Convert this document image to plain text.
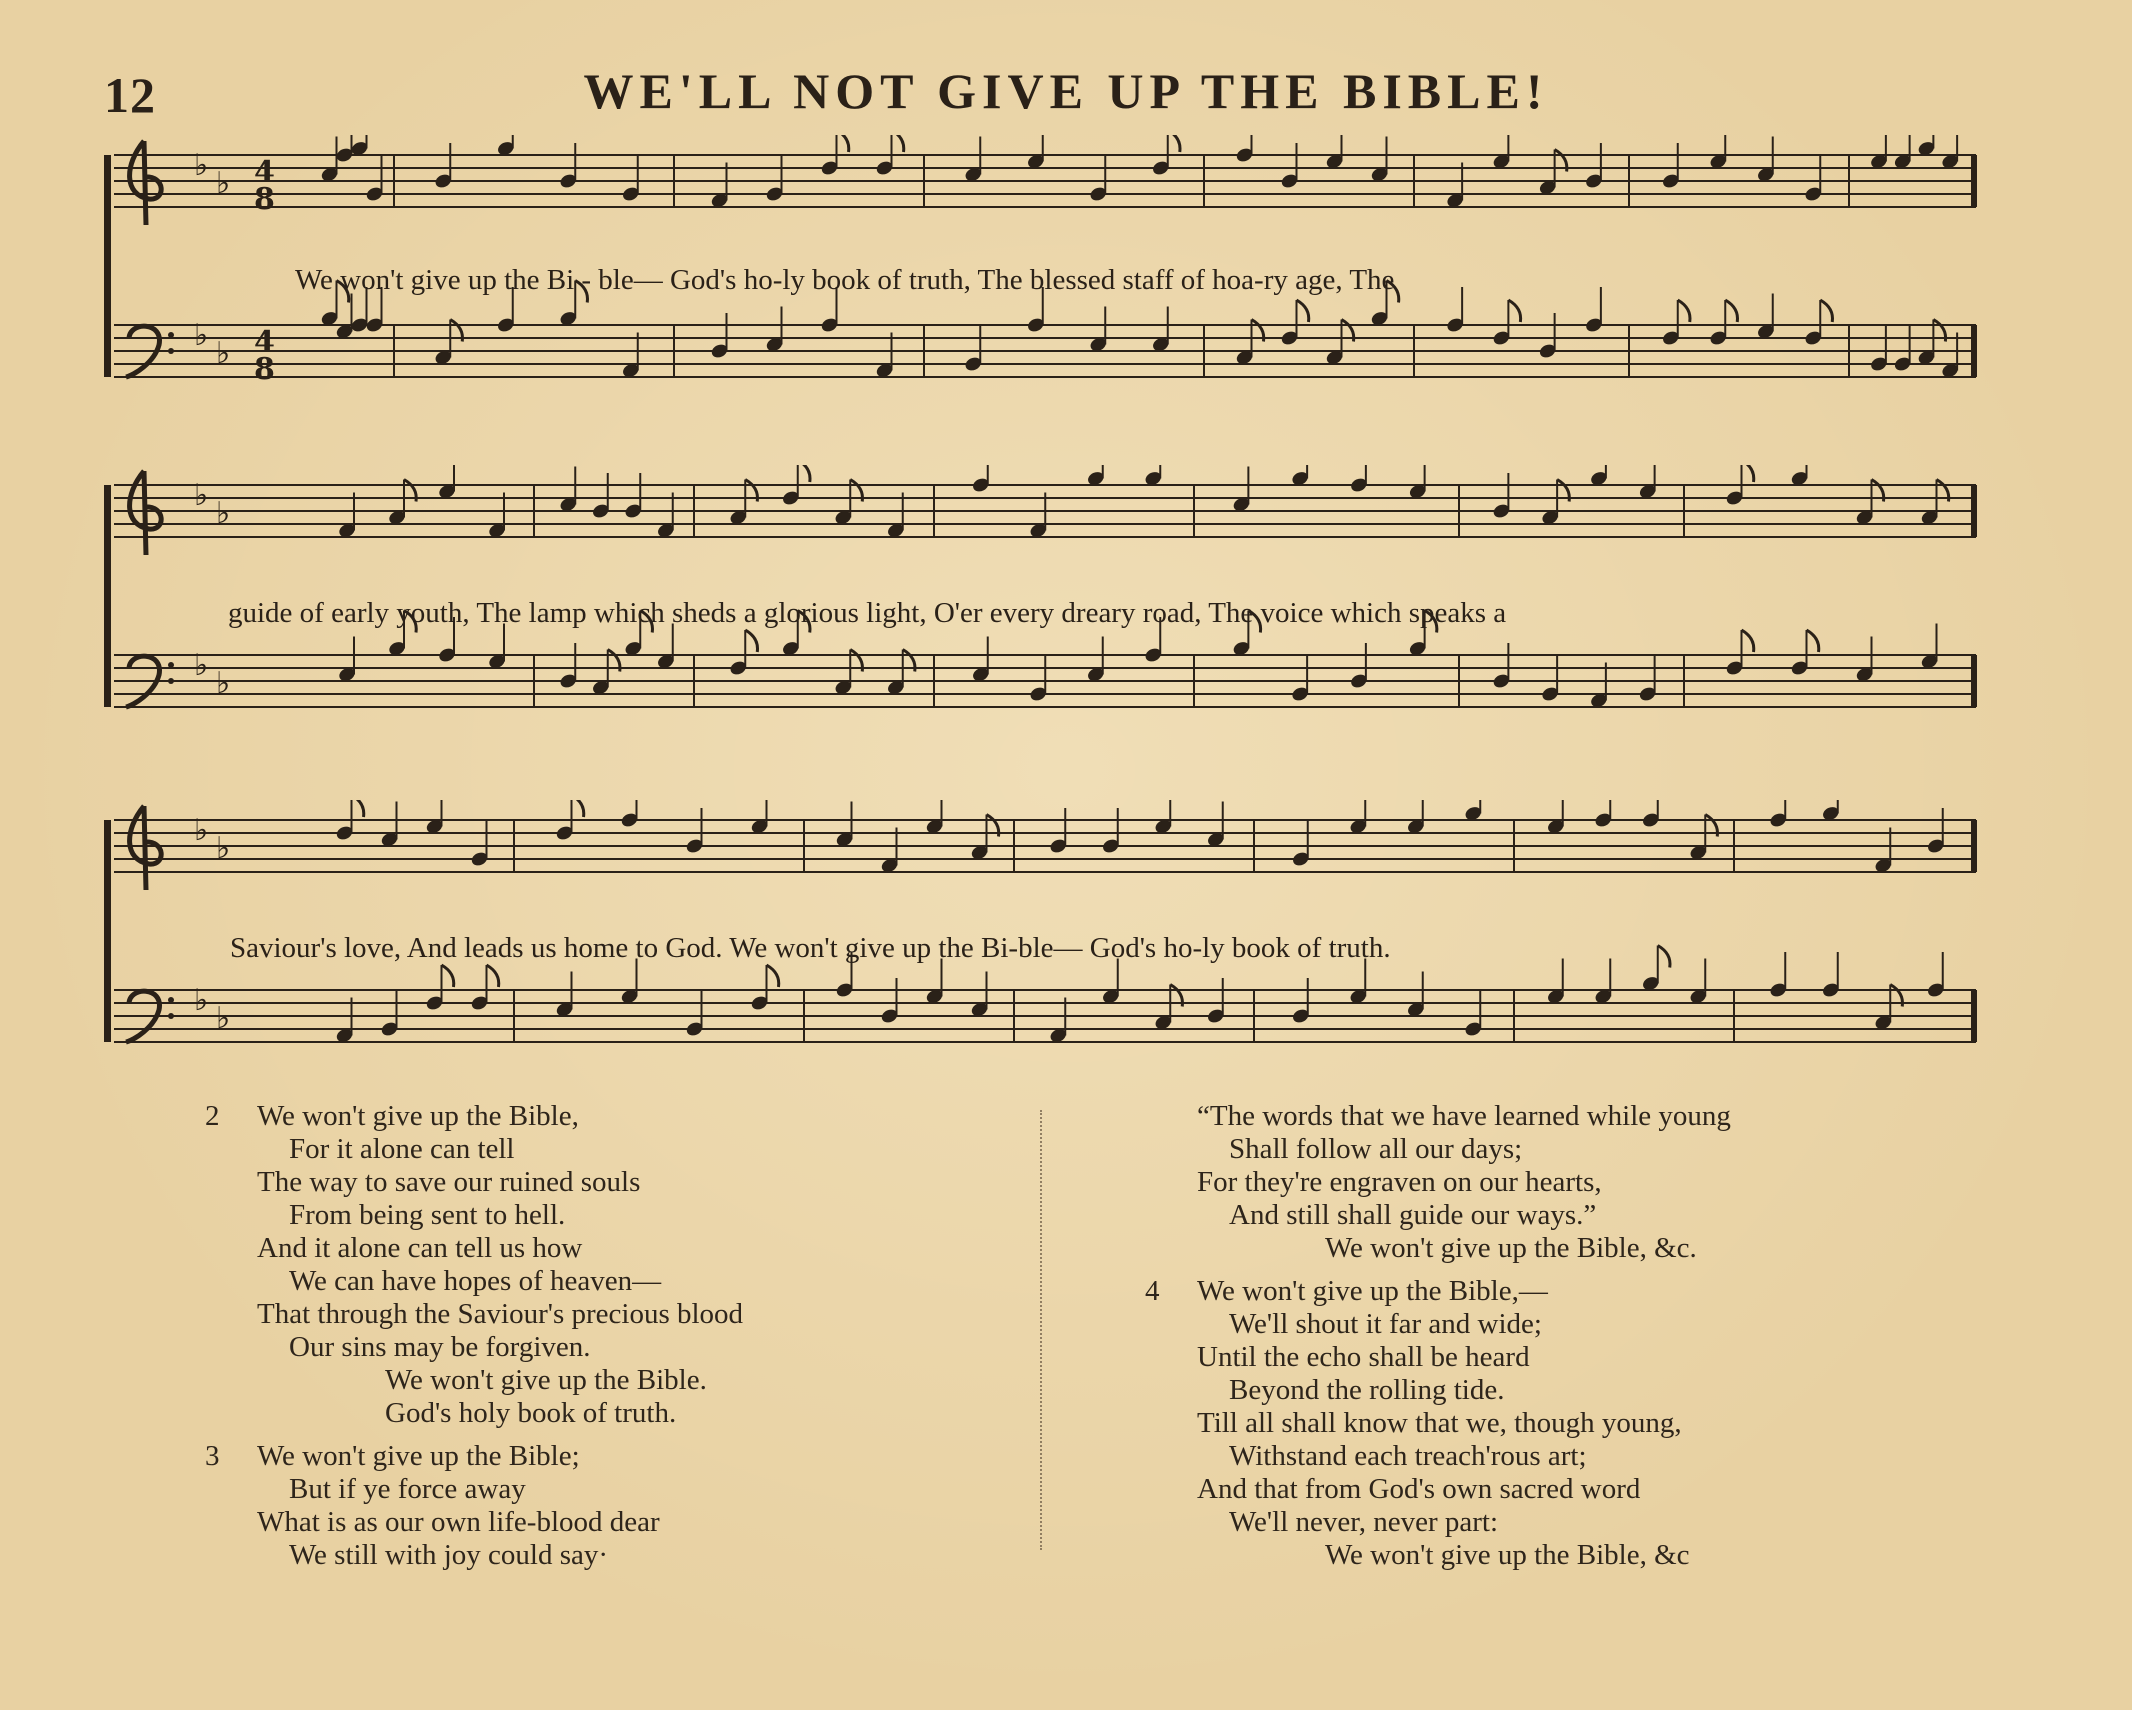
12	WE'LL NOT GIVE UP THE BIBLE!
♭
♭ 4
8
♭
♭ 4
8
We won't give up the Bi - ble— God's ho-ly book of truth, The blessed staff of hoa-ry age, The
♭
♭
♭
♭
guide of early youth, The lamp which sheds a glorious light, O'er every dreary road, The voice which speaks a
♭
♭
♭
♭
Saviour's love, And leads us home to God. We won't give up the Bi-ble— God's ho-ly book of truth.
2	We won't give up the Bible,
For it alone can tell
The way to save our ruined souls
From being sent to hell.
And it alone can tell us how
We can have hopes of heaven—
That through the Saviour's precious blood
Our sins may be forgiven.
We won't give up the Bible.
God's holy book of truth.
3	We won't give up the Bible;
But if ye force away
What is as our own life-blood dear
We still with joy could say·
“The words that we have learned while young
Shall follow all our days;
For they're engraven on our hearts,
And still shall guide our ways.”
We won't give up the Bible, &c.
4	We won't give up the Bible,—
We'll shout it far and wide;
Until the echo shall be heard
Beyond the rolling tide.
Till all shall know that we, though young,
Withstand each treach'rous art;
And that from God's own sacred word
We'll never, never part:
We won't give up the Bible, &c
